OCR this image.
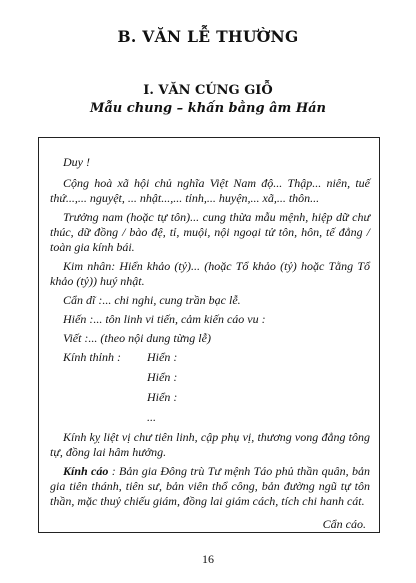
B. VĂN LỄ THƯỜNG
I. VĂN CÚNG GIỖ
Mẫu chung – khấn bằng âm Hán

Duy !

Cộng hoà xã hội chủ nghĩa Việt Nam độ... Thập... niên, tuế thứ...,... nguyệt, ... nhật...,... tỉnh,... huyện,... xã,... thôn...

Trưởng nam (hoặc tự tôn)... cung thừa mẫu mệnh, hiệp dữ chư thúc, dữ đồng / bào đệ, tỉ, muội, nội ngoại tử tôn, hôn, tế đẳng / toàn gia kính bái.

Kim nhân: Hiển khảo (tỷ)... (hoặc Tổ khảo (tỷ) hoặc Tằng Tổ khảo (tỷ)) huý nhật.

Cẩn dĩ :... chi nghi, cung trần bạc lễ.

Hiến :... tôn linh vi tiến, cảm kiến cáo vu :

Viết :... (theo nội dung từng lễ)

Kính thỉnh :	Hiển :
Hiển :
Hiển :
...

Kính kỵ liệt vị chư tiên linh, cập phụ vị, thương vong đẳng tông tự, đồng lai hâm hưởng.

Kính cáo : Bản gia Đông trù Tư mệnh Táo phủ thần quân, bản gia tiên thánh, tiên sư, bản viên thổ công, bản đường ngũ tự tôn thần, mặc thuỷ chiếu giám, đồng lai giám cách, tích chi hanh cát.

Cẩn cáo.
16
